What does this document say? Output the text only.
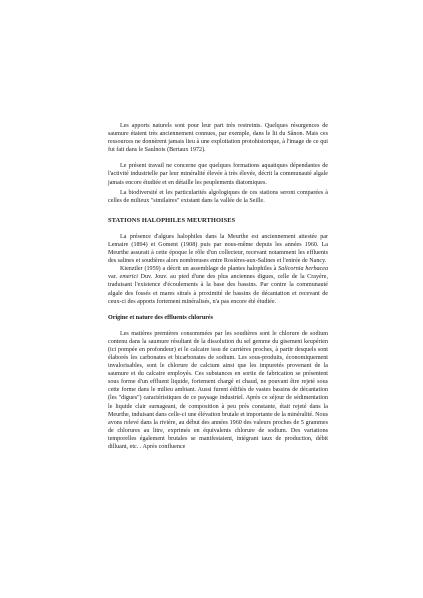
Les apports naturels sont pour leur part très restreints. Quelques résurgences de saumure étaient très anciennement connues, par exemple, dans le lit du Sânon. Mais ces ressources ne donnèrent jamais lieu à une exploitation protohistorique, à l'image de ce qui fut fait dans le Saulnois (Bertaux 1972).

Le présent travail ne concerne que quelques formations aquatiques dépendantes de l'activité industrielle par leur minéralité élevée à très élevée, décrit la communauté algale jamais encore étudiée et en détaille les peuplements diatomiques.

La biodiversité et les particularités algologiques de ces stations seront comparées à celles de milieux "similaires" existant dans la vallée de la Seille.

STATIONS HALOPHILES MEURTHOISES

La présence d'algues halophiles dans la Meurthe est anciennement attestée par Lemaire (1894) et Goment (1908) puis par nous-même depuis les années 1960. La Meurthe assurait à cette époque le rôle d'un collecteur, recevant notamment les effluents des salines et soudières alors nombreuses entre Rosières-aux-Salines et l'entrée de Nancy.

Kienztler (1959) a décrit un assemblage de plantes halophiles à Salicornia herbacea var. emerici Duv. Jouv. au pied d'une des plus anciennes digues, celle de la Crayère, traduisant l'existence d'écoulements à la base des bassins. Par contre la communauté algale des fossés et mares situés à proximité de bassins de décantation et recevant de ceux-ci des apports fortement minéralisés, n'a pas encore été étudiée.

Origine et nature des effluents chlorurés

Les matières premières consommées par les soudières sont le chlorure de sodium contenu dans la saumure résultant de la dissolution du sel gemme du gisement keupérien (ici pompée en profondeur) et le calcaire issu de carrières proches, à partir desquels sont élaborés les carbonates et bicarbonates de sodium. Les sous-produits, économiquement invalorisables, sont le chlorure de calcium ainsi que les impuretés provenant de la saumure et du calcaire employés. Ces substances en sortie de fabrication se présentent sous forme d'un effluent liquide, fortement chargé et chaud, ne pouvant être rejeté sous cette forme dans le milieu ambiant. Aussi furent édifiés de vastes bassins de décantation (les "digues") caractéristiques de ce paysage industriel. Après ce séjour de sédimentation le liquide clair surnageant, de composition à peu près constante, était rejeté dans la Meurthe, induisant dans celle-ci une élévation brutale et importante de la minéralité. Nous avons relevé dans la rivière, au début des années 1960 des valeurs proches de 5 grammes de chlorures au litre, exprimés en équivalents chlorure de sodium. Des variations temporelles également brutales se manifestaient, intégrant taux de production, débit dilluant, etc. . Après confluence
